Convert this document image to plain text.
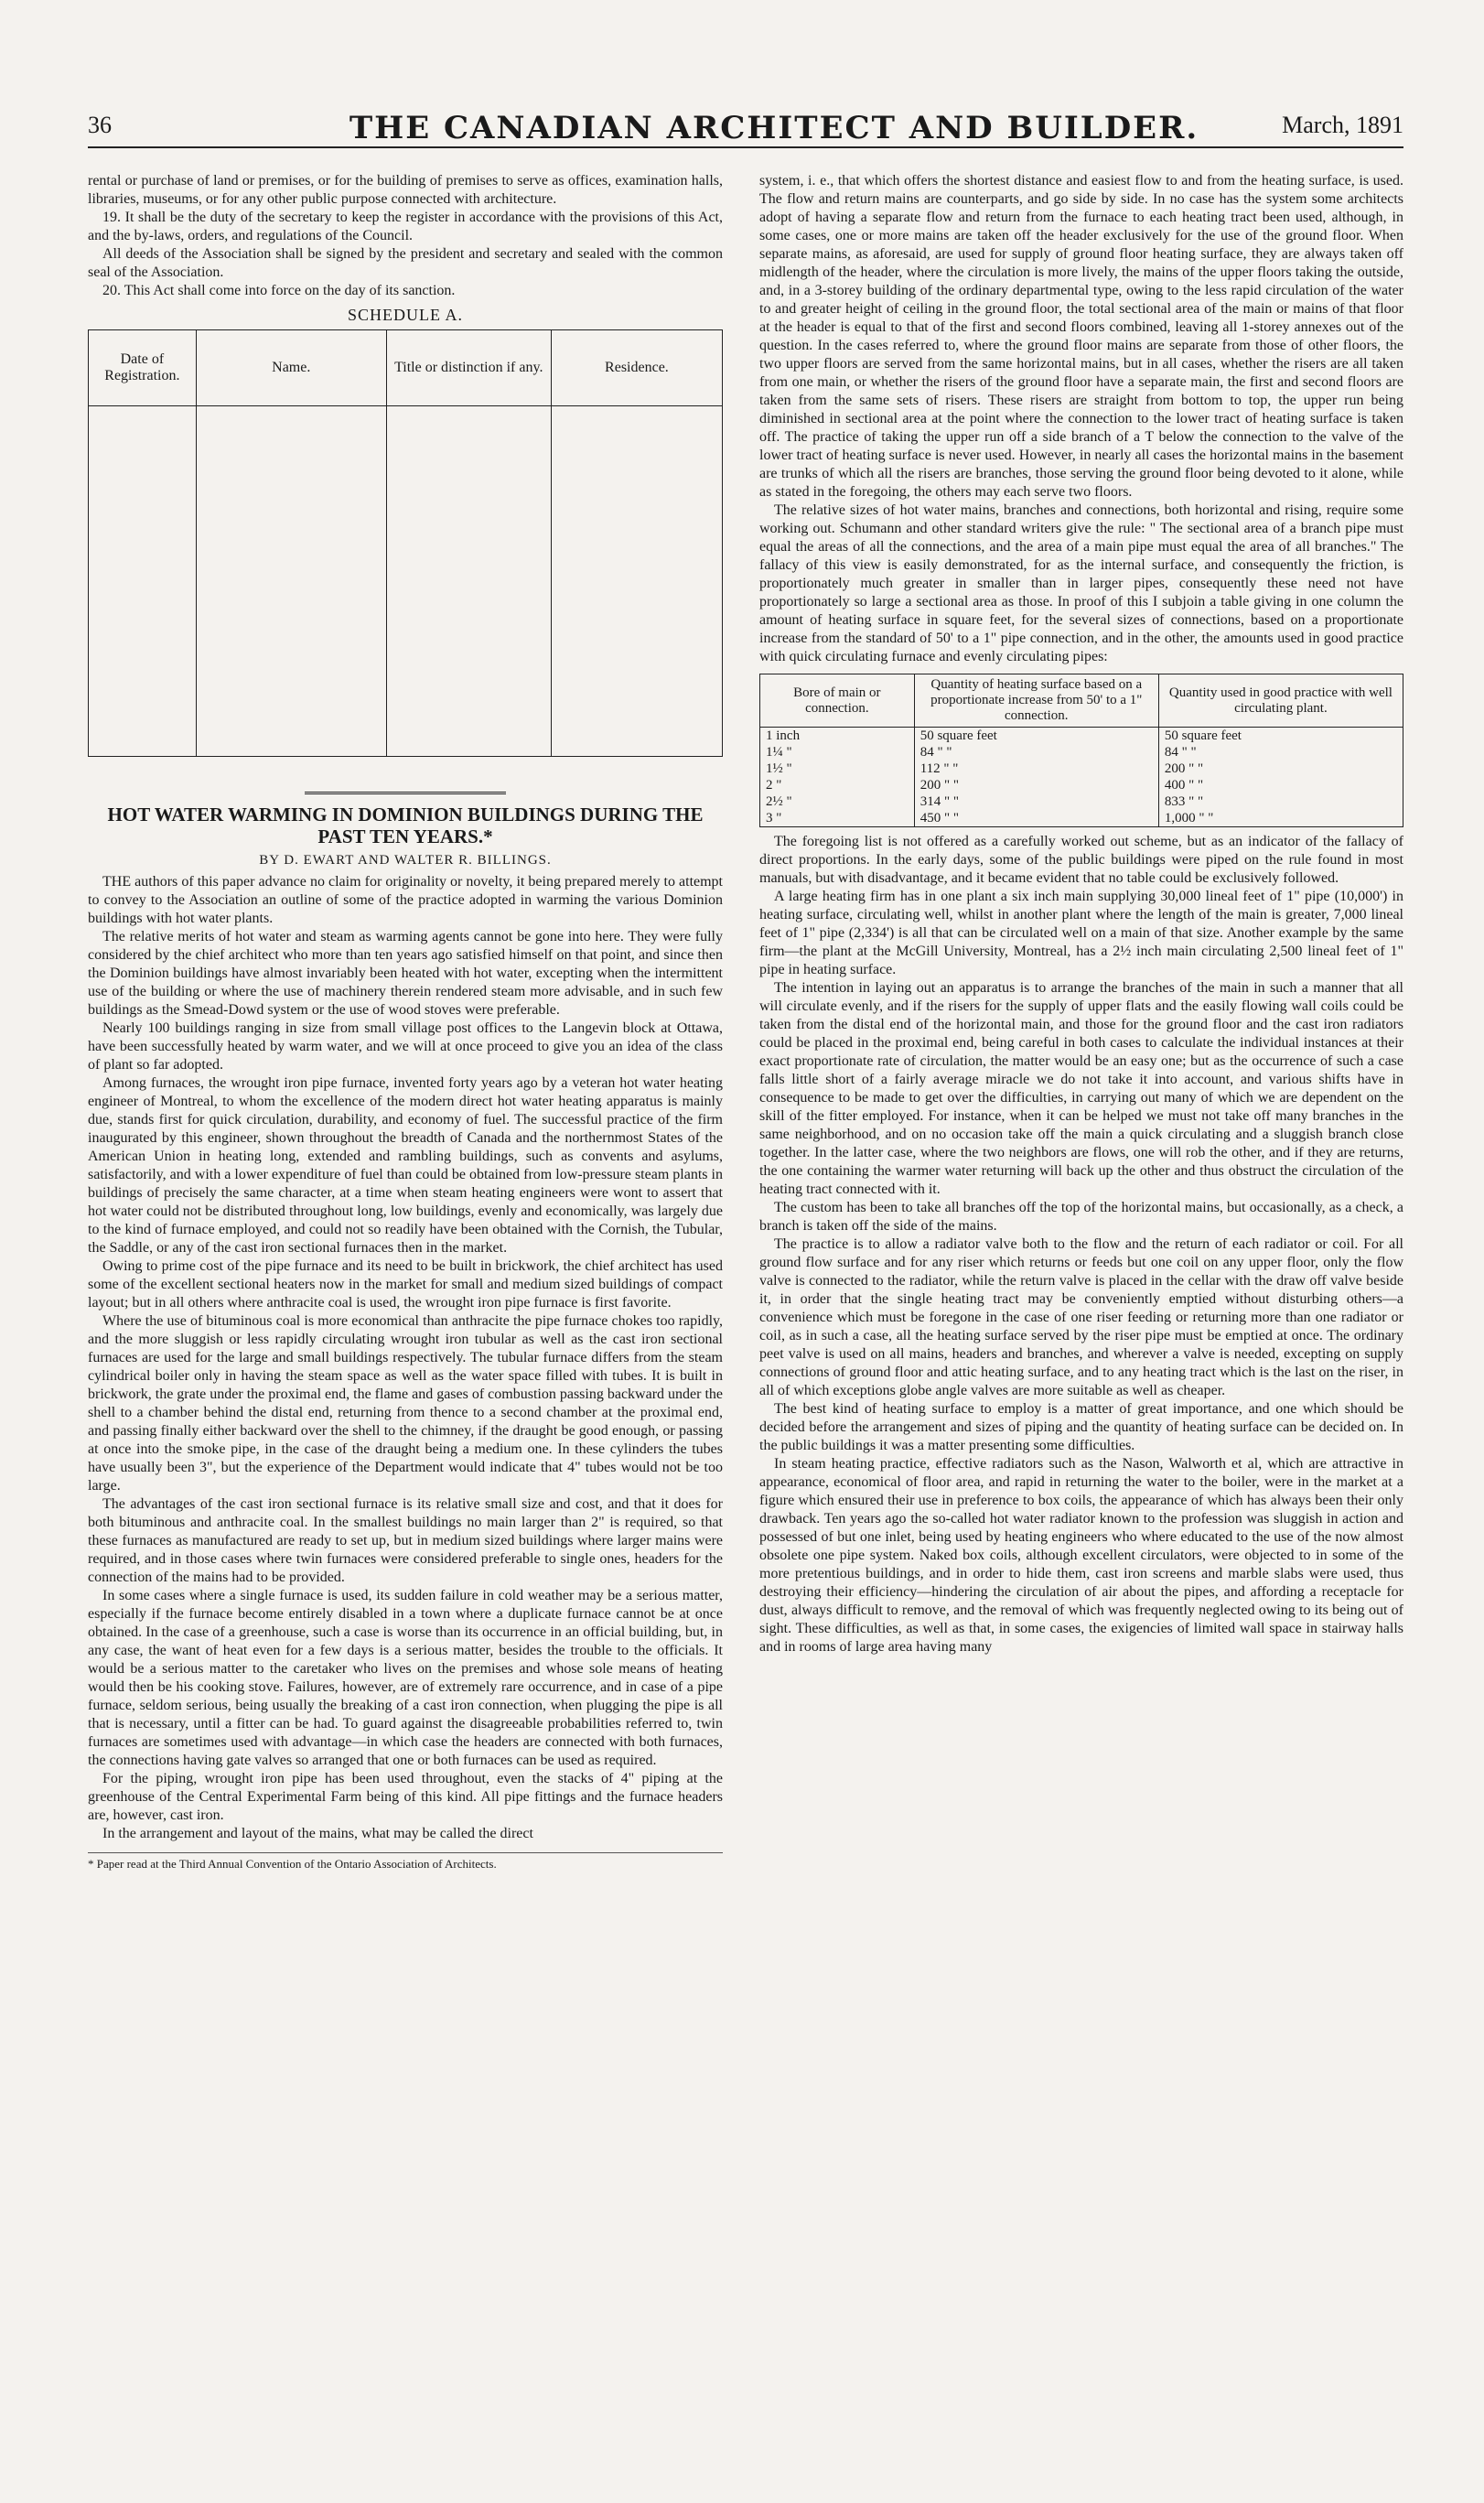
36	THE CANADIAN ARCHITECT AND BUILDER.	March, 1891

rental or purchase of land or premises, or for the building of premises to serve as offices, examination halls, libraries, museums, or for any other public purpose connected with architecture.

19. It shall be the duty of the secretary to keep the register in accordance with the provisions of this Act, and the by-laws, orders, and regulations of the Council.

All deeds of the Association shall be signed by the president and secretary and sealed with the common seal of the Association.

20. This Act shall come into force on the day of its sanction.

SCHEDULE A.
Date of Registration.	Name.	Title or distinction if any.	Residence.

HOT WATER WARMING IN DOMINION BUILDINGS DURING THE PAST TEN YEARS.*
BY D. EWART AND WALTER R. BILLINGS.

THE authors of this paper advance no claim for originality or novelty, it being prepared merely to attempt to convey to the Association an outline of some of the practice adopted in warming the various Dominion buildings with hot water plants.

The relative merits of hot water and steam as warming agents cannot be gone into here. They were fully considered by the chief architect who more than ten years ago satisfied himself on that point, and since then the Dominion buildings have almost invariably been heated with hot water, excepting when the intermittent use of the building or where the use of machinery therein rendered steam more advisable, and in such few buildings as the Smead-Dowd system or the use of wood stoves were preferable.

Nearly 100 buildings ranging in size from small village post offices to the Langevin block at Ottawa, have been successfully heated by warm water, and we will at once proceed to give you an idea of the class of plant so far adopted.

Among furnaces, the wrought iron pipe furnace, invented forty years ago by a veteran hot water heating engineer of Montreal, to whom the excellence of the modern direct hot water heating apparatus is mainly due, stands first for quick circulation, durability, and economy of fuel. The successful practice of the firm inaugurated by this engineer, shown throughout the breadth of Canada and the northernmost States of the American Union in heating long, extended and rambling buildings, such as convents and asylums, satisfactorily, and with a lower expenditure of fuel than could be obtained from low-pressure steam plants in buildings of precisely the same character, at a time when steam heating engineers were wont to assert that hot water could not be distributed throughout long, low buildings, evenly and economically, was largely due to the kind of furnace employed, and could not so readily have been obtained with the Cornish, the Tubular, the Saddle, or any of the cast iron sectional furnaces then in the market.

Owing to prime cost of the pipe furnace and its need to be built in brickwork, the chief architect has used some of the excellent sectional heaters now in the market for small and medium sized buildings of compact layout; but in all others where anthracite coal is used, the wrought iron pipe furnace is first favorite.

Where the use of bituminous coal is more economical than anthracite the pipe furnace chokes too rapidly, and the more sluggish or less rapidly circulating wrought iron tubular as well as the cast iron sectional furnaces are used for the large and small buildings respectively. The tubular furnace differs from the steam cylindrical boiler only in having the steam space as well as the water space filled with tubes. It is built in brickwork, the grate under the proximal end, the flame and gases of combustion passing backward under the shell to a chamber behind the distal end, returning from thence to a second chamber at the proximal end, and passing finally either backward over the shell to the chimney, if the draught be good enough, or passing at once into the smoke pipe, in the case of the draught being a medium one. In these cylinders the tubes have usually been 3", but the experience of the Department would indicate that 4" tubes would not be too large.

The advantages of the cast iron sectional furnace is its relative small size and cost, and that it does for both bituminous and anthracite coal. In the smallest buildings no main larger than 2" is required, so that these furnaces as manufactured are ready to set up, but in medium sized buildings where larger mains were required, and in those cases where twin furnaces were considered preferable to single ones, headers for the connection of the mains had to be provided.

In some cases where a single furnace is used, its sudden failure in cold weather may be a serious matter, especially if the furnace become entirely disabled in a town where a duplicate furnace cannot be at once obtained. In the case of a greenhouse, such a case is worse than its occurrence in an official building, but, in any case, the want of heat even for a few days is a serious matter, besides the trouble to the officials. It would be a serious matter to the caretaker who lives on the premises and whose sole means of heating would then be his cooking stove. Failures, however, are of extremely rare occurrence, and in case of a pipe furnace, seldom serious, being usually the breaking of a cast iron connection, when plugging the pipe is all that is necessary, until a fitter can be had. To guard against the disagreeable probabilities referred to, twin furnaces are sometimes used with advantage—in which case the headers are connected with both furnaces, the connections having gate valves so arranged that one or both furnaces can be used as required.

For the piping, wrought iron pipe has been used throughout, even the stacks of 4" piping at the greenhouse of the Central Experimental Farm being of this kind. All pipe fittings and the furnace headers are, however, cast iron.

In the arrangement and layout of the mains, what may be called the direct

* Paper read at the Third Annual Convention of the Ontario Association of Architects.

system, i. e., that which offers the shortest distance and easiest flow to and from the heating surface, is used. The flow and return mains are counterparts, and go side by side. In no case has the system some architects adopt of having a separate flow and return from the furnace to each heating tract been used, although, in some cases, one or more mains are taken off the header exclusively for the use of the ground floor. When separate mains, as aforesaid, are used for supply of ground floor heating surface, they are always taken off midlength of the header, where the circulation is more lively, the mains of the upper floors taking the outside, and, in a 3-storey building of the ordinary departmental type, owing to the less rapid circulation of the water to and greater height of ceiling in the ground floor, the total sectional area of the main or mains of that floor at the header is equal to that of the first and second floors combined, leaving all 1-storey annexes out of the question. In the cases referred to, where the ground floor mains are separate from those of other floors, the two upper floors are served from the same horizontal mains, but in all cases, whether the risers are all taken from one main, or whether the risers of the ground floor have a separate main, the first and second floors are taken from the same sets of risers. These risers are straight from bottom to top, the upper run being diminished in sectional area at the point where the connection to the lower tract of heating surface is taken off. The practice of taking the upper run off a side branch of a T below the connection to the valve of the lower tract of heating surface is never used. However, in nearly all cases the horizontal mains in the basement are trunks of which all the risers are branches, those serving the ground floor being devoted to it alone, while as stated in the foregoing, the others may each serve two floors.

The relative sizes of hot water mains, branches and connections, both horizontal and rising, require some working out. Schumann and other standard writers give the rule: " The sectional area of a branch pipe must equal the areas of all the connections, and the area of a main pipe must equal the area of all branches." The fallacy of this view is easily demonstrated, for as the internal surface, and consequently the friction, is proportionately much greater in smaller than in larger pipes, consequently these need not have proportionately so large a sectional area as those. In proof of this I subjoin a table giving in one column the amount of heating surface in square feet, for the several sizes of connections, based on a proportionate increase from the standard of 50' to a 1" pipe connection, and in the other, the amounts used in good practice with quick circulating furnace and evenly circulating pipes:

Bore of main or connection.	Quantity of heating surface based on a proportionate increase from 50' to a 1" connection.	Quantity used in good practice with well circulating plant.
1 inch	50 square feet	50 square feet
1¼ "	84 " "	84 " "
1½ "	112 " "	200 " "
2 "	200 " "	400 " "
2½ "	314 " "	833 " "
3 "	450 " "	1,000 " "

The foregoing list is not offered as a carefully worked out scheme, but as an indicator of the fallacy of direct proportions. In the early days, some of the public buildings were piped on the rule found in most manuals, but with disadvantage, and it became evident that no table could be exclusively followed.

A large heating firm has in one plant a six inch main supplying 30,000 lineal feet of 1" pipe (10,000') in heating surface, circulating well, whilst in another plant where the length of the main is greater, 7,000 lineal feet of 1" pipe (2,334') is all that can be circulated well on a main of that size. Another example by the same firm—the plant at the McGill University, Montreal, has a 2½ inch main circulating 2,500 lineal feet of 1" pipe in heating surface.

The intention in laying out an apparatus is to arrange the branches of the main in such a manner that all will circulate evenly, and if the risers for the supply of upper flats and the easily flowing wall coils could be taken from the distal end of the horizontal main, and those for the ground floor and the cast iron radiators could be placed in the proximal end, being careful in both cases to calculate the individual instances at their exact proportionate rate of circulation, the matter would be an easy one; but as the occurrence of such a case falls little short of a fairly average miracle we do not take it into account, and various shifts have in consequence to be made to get over the difficulties, in carrying out many of which we are dependent on the skill of the fitter employed. For instance, when it can be helped we must not take off many branches in the same neighborhood, and on no occasion take off the main a quick circulating and a sluggish branch close together. In the latter case, where the two neighbors are flows, one will rob the other, and if they are returns, the one containing the warmer water returning will back up the other and thus obstruct the circulation of the heating tract connected with it.

The custom has been to take all branches off the top of the horizontal mains, but occasionally, as a check, a branch is taken off the side of the mains.

The practice is to allow a radiator valve both to the flow and the return of each radiator or coil. For all ground flow surface and for any riser which returns or feeds but one coil on any upper floor, only the flow valve is connected to the radiator, while the return valve is placed in the cellar with the draw off valve beside it, in order that the single heating tract may be conveniently emptied without disturbing others—a convenience which must be foregone in the case of one riser feeding or returning more than one radiator or coil, as in such a case, all the heating surface served by the riser pipe must be emptied at once. The ordinary peet valve is used on all mains, headers and branches, and wherever a valve is needed, excepting on supply connections of ground floor and attic heating surface, and to any heating tract which is the last on the riser, in all of which exceptions globe angle valves are more suitable as well as cheaper.

The best kind of heating surface to employ is a matter of great importance, and one which should be decided before the arrangement and sizes of piping and the quantity of heating surface can be decided on. In the public buildings it was a matter presenting some difficulties.

In steam heating practice, effective radiators such as the Nason, Walworth et al, which are attractive in appearance, economical of floor area, and rapid in returning the water to the boiler, were in the market at a figure which ensured their use in preference to box coils, the appearance of which has always been their only drawback. Ten years ago the so-called hot water radiator known to the profession was sluggish in action and possessed of but one inlet, being used by heating engineers who where educated to the use of the now almost obsolete one pipe system. Naked box coils, although excellent circulators, were objected to in some of the more pretentious buildings, and in order to hide them, cast iron screens and marble slabs were used, thus destroying their efficiency—hindering the circulation of air about the pipes, and affording a receptacle for dust, always difficult to remove, and the removal of which was frequently neglected owing to its being out of sight. These difficulties, as well as that, in some cases, the exigencies of limited wall space in stairway halls and in rooms of large area having many
